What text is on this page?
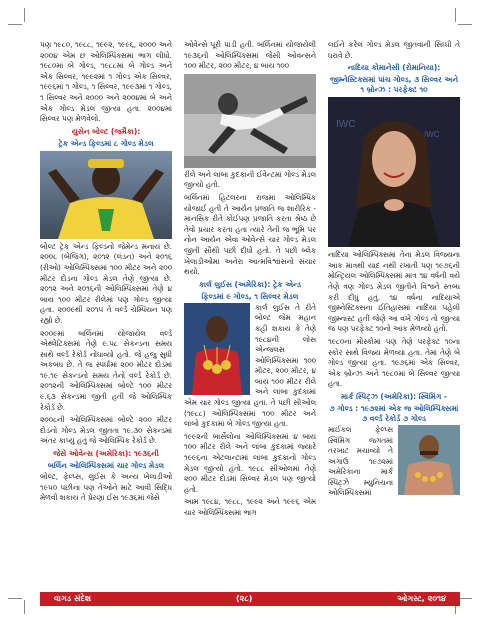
પણ ૧૯૮૦, ૧૯૮૮, ૧૯૯૨, ૧૯૯૬, ૨૦૦૦ અને ૨૦૦૪ એમ છ ઓલિમ્પિક્સમાં ભાગ લીધો. ૧૯૮૦માં બે ગોલ્ડ, ૧૯૮૮માં બે ગોલ્ડ અને એક સિલ્વર, ૧૯૯૨માં ૧ ગોલ્ડ એક સિલ્વર, ૧૯૯૬માં ૧ ગોલ્ડ, ૧ સિલ્વર, ૧૯૯૩માં ૧ ગોલ્ડ, ૧ સિલ્વર અને ૨૦૦૦ અને ૨૦૦૪માં બે અને એક ગોલ્ડ મેડલ જીત્યા હતા. ૨૦૦૪માં સિલ્વર પણ મેળવેલો.

યુસેન બોલ્ટ (જમૈકા):
ટ્રેક એન્ડ ફિલ્ડમાં ૮ ગોલ્ડ મેડલ

બોલ્ટ ટ્રેક એન્ડ ફિલ્ડનો જેમેન્ડ મનાય છે. ૨૦૦૮ (બેજિંગ), ૨૦૧૨ (લંડન) અને ૨૦૧૬ (રીઓ) ઓલિમ્પિક્સમાં ૧૦૦ મીટર અને ૨૦૦ મીટર દોડના ગોલ્ડ મેડલ તેણે જીત્યા છે. ૨૦૧૨ અને ૨૦૧૬ની ઓલિમ્પિક્સમાં તેણે ૪ બાય ૧૦૦ મીટર રીલેમાં પણ ગોલ્ડ જીત્યા હતા. ૨૦૦૯થી ૨૦૧૫ તે વર્લ્ડ ચેમ્પિયન પણ રહ્યો છે.

૨૦૦૯માં બર્લિનમાં યોજાયેલ વર્લ્ડ એથ્લેટિક્સમાં તેણે ૯.૫૮ સેકન્ડના સમય સાથે વર્લ્ડ રેકોર્ડ નોંધાવ્યો હતો. જે હજુ સુધી અકબંધ છે. તે જ સ્પર્ધામાં ૨૦૦ મીટર દોડમાં ૧૯.૧૯ સેકન્ડનો સમય તેનો વર્લ્ડ રેકોર્ડ છે. ૨૦૧૨ની ઓલિમ્પિક્સમાં બોલ્ટે ૧૦૦ મીટર ૯.૬૩ સેકન્ડમાં જીતી હતી જે ઓલિમ્પિક રેકોર્ડ છે.

૨૦૦૮ની ઓલિમ્પિક્સમાં બોલ્ટે ૨૦૦ મીટર દોડનો ગોલ્ડ મેડલ જીતતા ૧૯.૩૦ સેકન્ડમાં અંતર કાપ્યું હતું જે ઓલિમ્પિક રેકોર્ડ છે.

જેસે ઓવેન્સ (અમેરિકા): ૧૯૩૬ની
બર્લિન ઓલિમ્પિક્સમાં ચાર ગોલ્ડ મેડલ

બોલ્ટ, ફેલ્પ્સ, લુઈસ કે અન્ય ખેલાડીઓ ૧૯૫૦ પછીના પણ તેઓને માટે આવી સિદ્ધિ મેળવી શકાય તે પ્રેરણા ઈસ ૧૯૩૬માં જેસે

ઓવેન્સે પૂરી પાડી હતી. બર્લિનમાં યોજાયેલી ૧૯૩૬ની ઓલિમ્પિક્સમાં જેસી ઓવન્સને ૧૦૦ મીટર, ૨૦૦ મીટર, ૪ બાય ૧૦૦

રીલે અને લાંબા કુદકાની ઈવેન્ટમાં ગોલ્ડ મેડલ જીત્યો હતો.

બર્લિનમાં હિટલરના રાજમાં ઓલિમ્પિક યોજાઈ હતી તે આર્યન પ્રજાતિ જ શારીરિક - માનસિક રીતે કોઈપણ પ્રજાતિ કરતા શ્રેષ્ઠ છે તેવો પ્રચાર કરતા હતા ત્યારે તેની જ ભૂમિ પર નોન આર્યન એવા ઓવેન્સે ચાર ગોલ્ડ મેડલ જીતી સૌથી પછી દીધો હતો. તે પછી બ્લેક ખેલાડીઓમાં અનેરા આત્મવિશ્વાસનો સંચાર થયો.

કાર્લ લુઈસ (અમેરિકા): ટ્રેક એન્ડ
ફિલ્ડમાં ૯ ગોલ્ડ, ૧ સિલ્વર મેડલ

કાર્લ લુઈસ તે રીતે બોલ્ટ જેમ મહાન કહી શકાય કે તેણે ૧૯૮૪ની લોસ એન્જલસ ઓલિમ્પિક્સમાં ૧૦૦ મીટર, ૨૦૦ મીટર, ૪ બાય ૧૦૦ મીટર રીલે અને લાંબા કુદકામાં એમ ચાર ગોલ્ડ જીત્યા હતા. તે પછી સીઓલ (૧૯૮૮) ઓલિમ્પિક્સમાં ૧૦૦ મીટર અને લાંબો કુદકામાં બે ગોલ્ડ જીત્યા હતા.

૧૯૯૨ની બાર્સેલોના ઓલિમ્પિક્સમાં ૪ બાય ૧૦૦ મીટર રીલે અને લાંબા કુદકામાં જ્યારે ૧૯૯૬ના એટલાન્ટામાં લાંબા કુદકાનો ગોલ્ડ મેડલ જીત્યો હતો. ૧૯૮૮ સીઓલમાં તેણે ૨૦૦ મીટર દોડમાં સિલ્વર મેડલ પણ જીત્યો હતો.

આમ ૧૯૮૪, ૧૯૮૮, ૧૯૯૨ અને ૧૯૯૬ એમ ચાર ઓલિમ્પિક્સમાં ભાગ

લઈને કરેલ ગોલ્ડ મેડલ જીતવાની સિધ્ધી તે ધરાવે છે.

નાદિયા કોમાનેસી (રોમાનિયા):
જીમ્નેસ્ટિક્સમાં પાંચ ગોલ્ડ, ૩ સિલ્વર અને ૧ બ્રોન્ઝ : પરફેક્ટ ૧૦
IWC
IWC

નાદિયા ઓલિમ્પિક્સમાં તેના મેડલ વિજયના આંક માત્રથી યાદ નથી રખાતી પણ ૧૯૭૬ની મોન્ટ્રિયલ ઓલિમ્પિક્સમાં માત્ર ૧૪ વર્ષની વયે તેણે ત્રણ ગોલ્ડ મેડલ જીતીને વિશ્વને સ્તબ્ધ કરી દીધું હતું. ૧૪ વર્ષના નાદિયાએ જીમ્નેસ્ટિક્સના ઈતિહાસમાં નાદિયા પહેલી જીમ્નાસ્ટ હતી જેણે આ વખે ગોલ્ડ તો જીત્યા જ પણ પરફેક્ટ ૧૦નો આંક મેળવ્યો હતો.

૧૯૮૦ના મોસ્કોમાં પણ તેણે પરફેક્ટ ૧૦ના સ્કોર સાથે વિજય મેળવ્યા હતા. તેમાં તેણે બે ગોલ્ડ જીત્યા હતા. ૧૯૭૬માં એક સિલ્વર, એક બ્રોન્ઝ અને ૧૯૮૦માં બે સિલ્વર જીત્યા હતા.

માર્ક સ્પિટ્ઝ (અમેરિકા): સ્વિમિંગ -
૭ ગોલ્ડ : ૧૯૭૨માં એક જ ઓલિમ્પિક્સમાં ૭ વર્લ્ડ રેકોર્ડ ૭ ગોલ્ડ

માઈકલ ફેલ્પ્સ સ્વિમિંગ જગતમાં તરખાટ મચાવ્યો તે અગાઉ ૧૯૭૨માં અમેરિકાના માર્ક સ્પિટ્ઝે મ્યુનિચના ઓલિમ્પિક્સમાં

વાગડ સંદેશ	(૨૮)	ઓગસ્ટ, ૨૦૧૪
